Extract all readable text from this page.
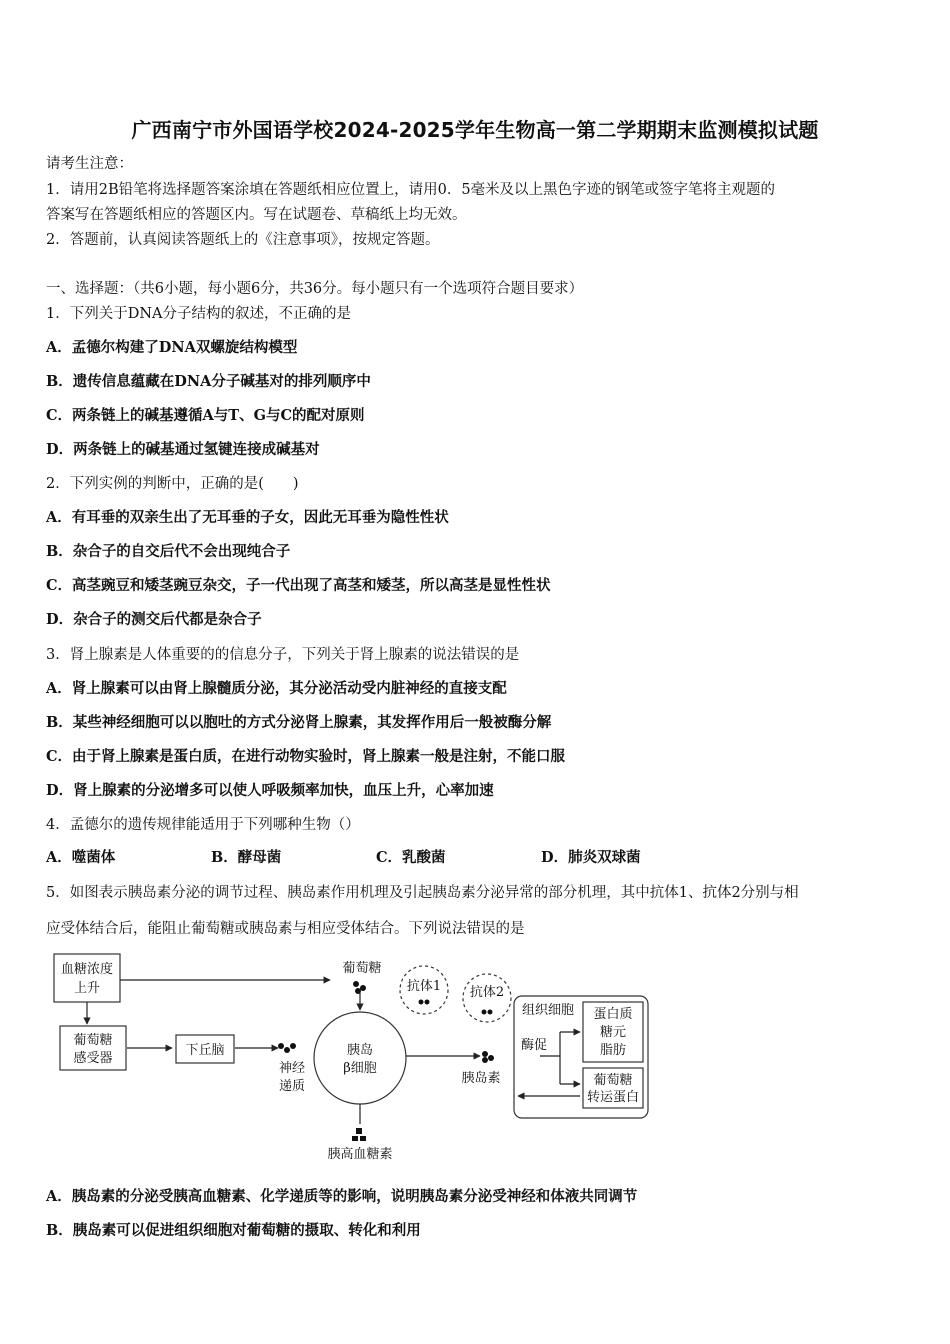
广西南宁市外国语学校2024-2025学年生物高一第二学期期末监测模拟试题
请考生注意：
1．请用2B铅笔将选择题答案涂填在答题纸相应位置上，请用0．5毫米及以上黑色字迹的钢笔或签字笔将主观题的
答案写在答题纸相应的答题区内。写在试题卷、草稿纸上均无效。
2．答题前，认真阅读答题纸上的《注意事项》，按规定答题。
一、选择题：（共6小题，每小题6分，共36分。每小题只有一个选项符合题目要求）
1．下列关于DNA分子结构的叙述，不正确的是
A．孟德尔构建了DNA双螺旋结构模型
B．遗传信息蕴藏在DNA分子碱基对的排列顺序中
C．两条链上的碱基遵循A与T、G与C的配对原则
D．两条链上的碱基通过氢键连接成碱基对
2．下列实例的判断中，正确的是(　　)
A．有耳垂的双亲生出了无耳垂的子女，因此无耳垂为隐性性状
B．杂合子的自交后代不会出现纯合子
C．高茎豌豆和矮茎豌豆杂交，子一代出现了高茎和矮茎，所以高茎是显性性状
D．杂合子的测交后代都是杂合子
3．肾上腺素是人体重要的的信息分子，下列关于肾上腺素的说法错误的是
A．肾上腺素可以由肾上腺髓质分泌，其分泌活动受内脏神经的直接支配
B．某些神经细胞可以以胞吐的方式分泌肾上腺素，其发挥作用后一般被酶分解
C．由于肾上腺素是蛋白质，在进行动物实验时，肾上腺素一般是注射，不能口服
D．肾上腺素的分泌增多可以使人呼吸频率加快，血压上升，心率加速
4．孟德尔的遗传规律能适用于下列哪种生物（）
A．噬菌体	B．酵母菌	C．乳酸菌	D．肺炎双球菌
5．如图表示胰岛素分泌的调节过程、胰岛素作用机理及引起胰岛素分泌异常的部分机理，其中抗体1、抗体2分别与相
应受体结合后，能阻止葡萄糖或胰岛素与相应受体结合。下列说法错误的是
血糖浓度
上升
葡萄糖
感受器
下丘脑
葡萄糖
抗体1 抗体2
胰岛
β细胞
神经
递质
胰岛素
胰高血糖素
组织细胞
酶促
蛋白质
糖元
脂肪
葡萄糖
转运蛋白
A．胰岛素的分泌受胰高血糖素、化学递质等的影响，说明胰岛素分泌受神经和体液共同调节
B．胰岛素可以促进组织细胞对葡萄糖的摄取、转化和利用
